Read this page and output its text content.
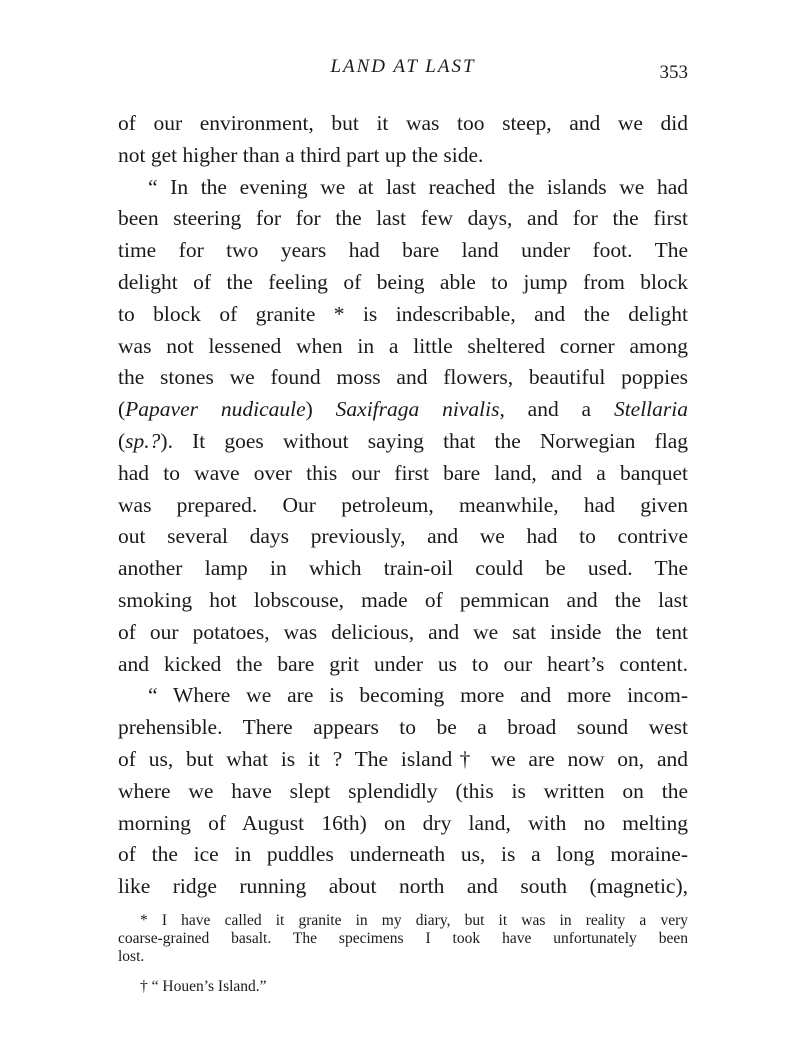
LAND AT LAST	353
of our environment, but it was too steep, and we did
not get higher than a third part up the side.
“ In the evening we at last reached the islands we had
been steering for for the last few days, and for the first
time for two years had bare land under foot. The
delight of the feeling of being able to jump from block
to block of granite * is indescribable, and the delight
was not lessened when in a little sheltered corner among
the stones we found moss and flowers, beautiful poppies
(Papaver nudicaule) Saxifraga nivalis, and a Stellaria
(sp.?). It goes without saying that the Norwegian flag
had to wave over this our first bare land, and a banquet
was prepared. Our petroleum, meanwhile, had given
out several days previously, and we had to contrive
another lamp in which train-oil could be used. The
smoking hot lobscouse, made of pemmican and the last
of our potatoes, was delicious, and we sat inside the tent
and kicked the bare grit under us to our heart’s content.
“ Where we are is becoming more and more incom-
prehensible. There appears to be a broad sound west
of us, but what is it ? The island† we are now on, and
where we have slept splendidly (this is written on the
morning of August 16th) on dry land, with no melting
of the ice in puddles underneath us, is a long moraine-
like ridge running about north and south (magnetic),
* I have called it granite in my diary, but it was in reality a very
coarse-grained basalt. The specimens I took have unfortunately been
lost.
† “ Houen’s Island.”
